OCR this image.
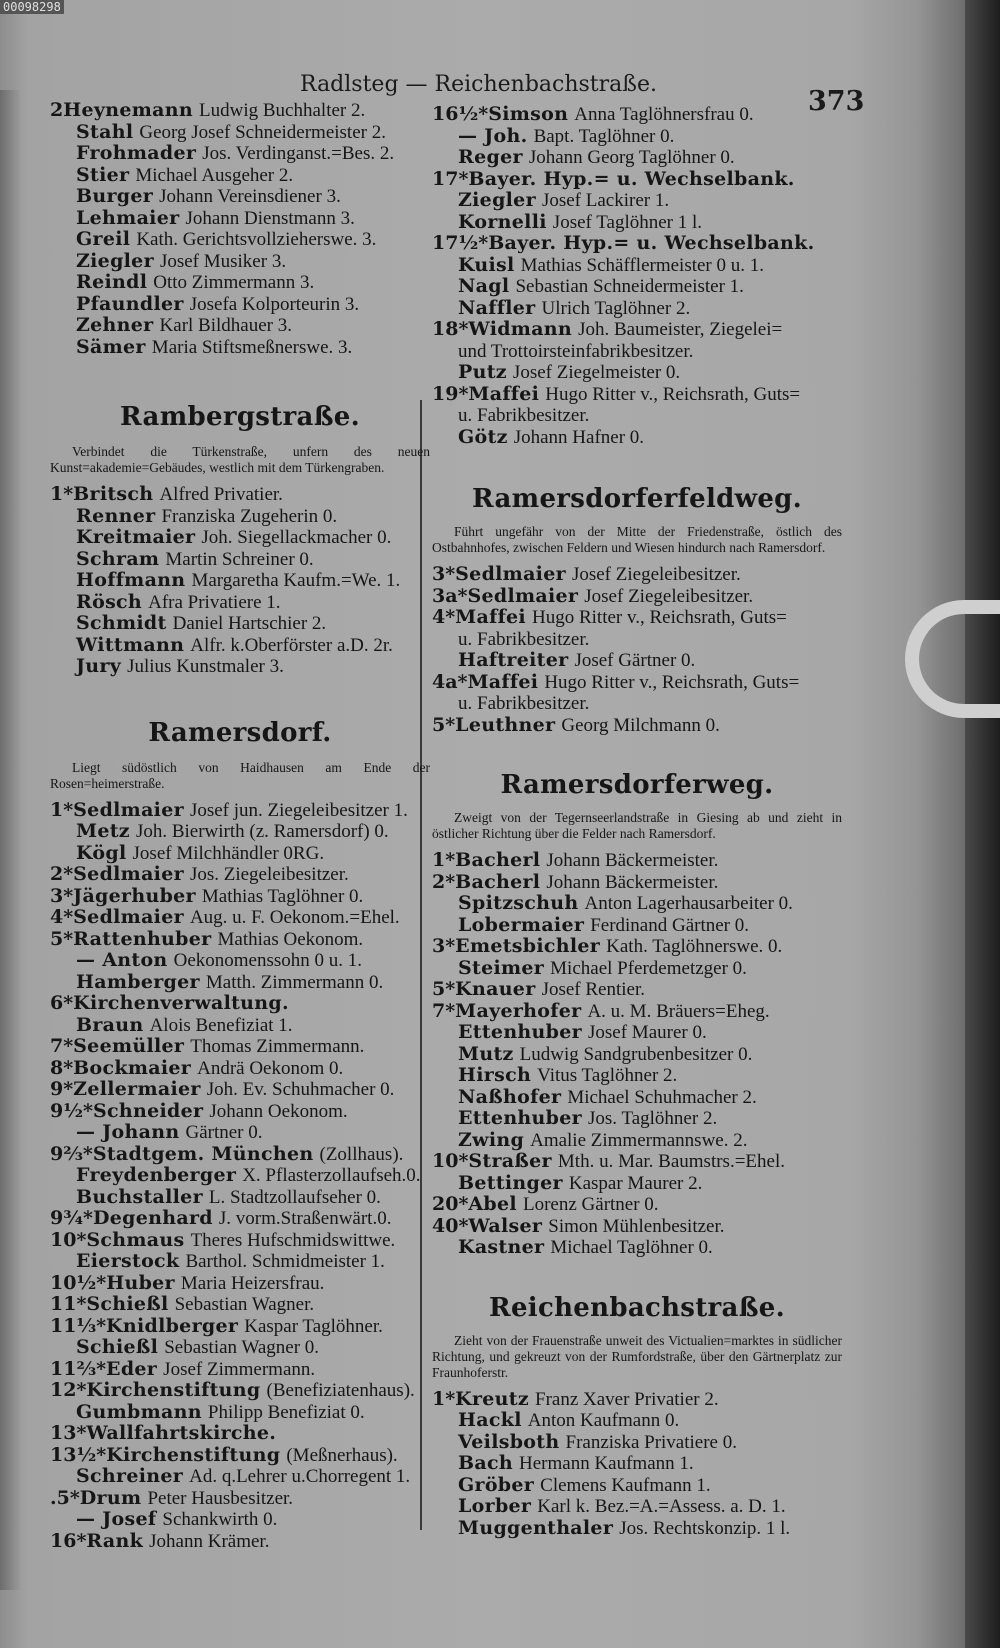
00098298
Radlsteg — Reichenbachstraße.
373
2Heynemann Ludwig Buchhalter 2.
Stahl Georg Josef Schneidermeister 2.
Frohmader Jos. Verdinganst.=Bes. 2.
Stier Michael Ausgeher 2.
Burger Johann Vereinsdiener 3.
Lehmaier Johann Dienstmann 3.
Greil Kath. Gerichtsvollzieherswe. 3.
Ziegler Josef Musiker 3.
Reindl Otto Zimmermann 3.
Pfaundler Josefa Kolporteurin 3.
Zehner Karl Bildhauer 3.
Sämer Maria Stiftsmeßnerswe. 3.
Rambergstraße.
Verbindet die Türkenstraße, unfern des neuen Kunst=akademie=Gebäudes, westlich mit dem Türkengraben.
1*Britsch Alfred Privatier.
Renner Franziska Zugeherin 0.
Kreitmaier Joh. Siegellackmacher 0.
Schram Martin Schreiner 0.
Hoffmann Margaretha Kaufm.=We. 1.
Rösch Afra Privatiere 1.
Schmidt Daniel Hartschier 2.
Wittmann Alfr. k.Oberförster a.D. 2r.
Jury Julius Kunstmaler 3.
Ramersdorf.
Liegt südöstlich von Haidhausen am Ende der Rosen=heimerstraße.
1*Sedlmaier Josef jun. Ziegeleibesitzer 1.
Metz Joh. Bierwirth (z. Ramersdorf) 0.
Kögl Josef Milchhändler 0RG.
2*Sedlmaier Jos. Ziegeleibesitzer.
3*Jägerhuber Mathias Taglöhner 0.
4*Sedlmaier Aug. u. F. Oekonom.=Ehel.
5*Rattenhuber Mathias Oekonom.
— Anton Oekonomenssohn 0 u. 1.
Hamberger Matth. Zimmermann 0.
6*Kirchenverwaltung.
Braun Alois Benefiziat 1.
7*Seemüller Thomas Zimmermann.
8*Bockmaier Andrä Oekonom 0.
9*Zellermaier Joh. Ev. Schuhmacher 0.
9½*Schneider Johann Oekonom.
— Johann Gärtner 0.
9⅔*Stadtgem. München (Zollhaus).
Freydenberger X. Pflasterzollaufseh.0.
Buchstaller L. Stadtzollaufseher 0.
9¾*Degenhard J. vorm.Straßenwärt.0.
10*Schmaus Theres Hufschmidswittwe.
Eierstock Barthol. Schmidmeister 1.
10½*Huber Maria Heizersfrau.
11*Schießl Sebastian Wagner.
11⅓*Knidlberger Kaspar Taglöhner.
Schießl Sebastian Wagner 0.
11⅔*Eder Josef Zimmermann.
12*Kirchenstiftung (Benefiziatenhaus).
Gumbmann Philipp Benefiziat 0.
13*Wallfahrtskirche.
13½*Kirchenstiftung (Meßnerhaus).
Schreiner Ad. q.Lehrer u.Chorregent 1.
.5*Drum Peter Hausbesitzer.
— Josef Schankwirth 0.
16*Rank Johann Krämer.
16½*Simson Anna Taglöhnersfrau 0.
— Joh. Bapt. Taglöhner 0.
Reger Johann Georg Taglöhner 0.
17*Bayer. Hyp.= u. Wechselbank.
Ziegler Josef Lackirer 1.
Kornelli Josef Taglöhner 1 l.
17½*Bayer. Hyp.= u. Wechselbank.
Kuisl Mathias Schäfflermeister 0 u. 1.
Nagl Sebastian Schneidermeister 1.
Naffler Ulrich Taglöhner 2.
18*Widmann Joh. Baumeister, Ziegelei=
und Trottoirsteinfabrikbesitzer.
Putz Josef Ziegelmeister 0.
19*Maffei Hugo Ritter v., Reichsrath, Guts=
u. Fabrikbesitzer.
Götz Johann Hafner 0.
Ramersdorferfeldweg.
Führt ungefähr von der Mitte der Friedenstraße, östlich des Ostbahnhofes, zwischen Feldern und Wiesen hindurch nach Ramersdorf.
3*Sedlmaier Josef Ziegeleibesitzer.
3a*Sedlmaier Josef Ziegeleibesitzer.
4*Maffei Hugo Ritter v., Reichsrath, Guts=
u. Fabrikbesitzer.
Haftreiter Josef Gärtner 0.
4a*Maffei Hugo Ritter v., Reichsrath, Guts=
u. Fabrikbesitzer.
5*Leuthner Georg Milchmann 0.
Ramersdorferweg.
Zweigt von der Tegernseerlandstraße in Giesing ab und zieht in östlicher Richtung über die Felder nach Ramersdorf.
1*Bacherl Johann Bäckermeister.
2*Bacherl Johann Bäckermeister.
Spitzschuh Anton Lagerhausarbeiter 0.
Lobermaier Ferdinand Gärtner 0.
3*Emetsbichler Kath. Taglöhnerswe. 0.
Steimer Michael Pferdemetzger 0.
5*Knauer Josef Rentier.
7*Mayerhofer A. u. M. Bräuers=Eheg.
Ettenhuber Josef Maurer 0.
Mutz Ludwig Sandgrubenbesitzer 0.
Hirsch Vitus Taglöhner 2.
Naßhofer Michael Schuhmacher 2.
Ettenhuber Jos. Taglöhner 2.
Zwing Amalie Zimmermannswe. 2.
10*Straßer Mth. u. Mar. Baumstrs.=Ehel.
Bettinger Kaspar Maurer 2.
20*Abel Lorenz Gärtner 0.
40*Walser Simon Mühlenbesitzer.
Kastner Michael Taglöhner 0.
Reichenbachstraße.
Zieht von der Frauenstraße unweit des Victualien=marktes in südlicher Richtung, und gekreuzt von der Rumfordstraße, über den Gärtnerplatz zur Fraunhoferstr.
1*Kreutz Franz Xaver Privatier 2.
Hackl Anton Kaufmann 0.
Veilsboth Franziska Privatiere 0.
Bach Hermann Kaufmann 1.
Gröber Clemens Kaufmann 1.
Lorber Karl k. Bez.=A.=Assess. a. D. 1.
Muggenthaler Jos. Rechtskonzip. 1 l.
